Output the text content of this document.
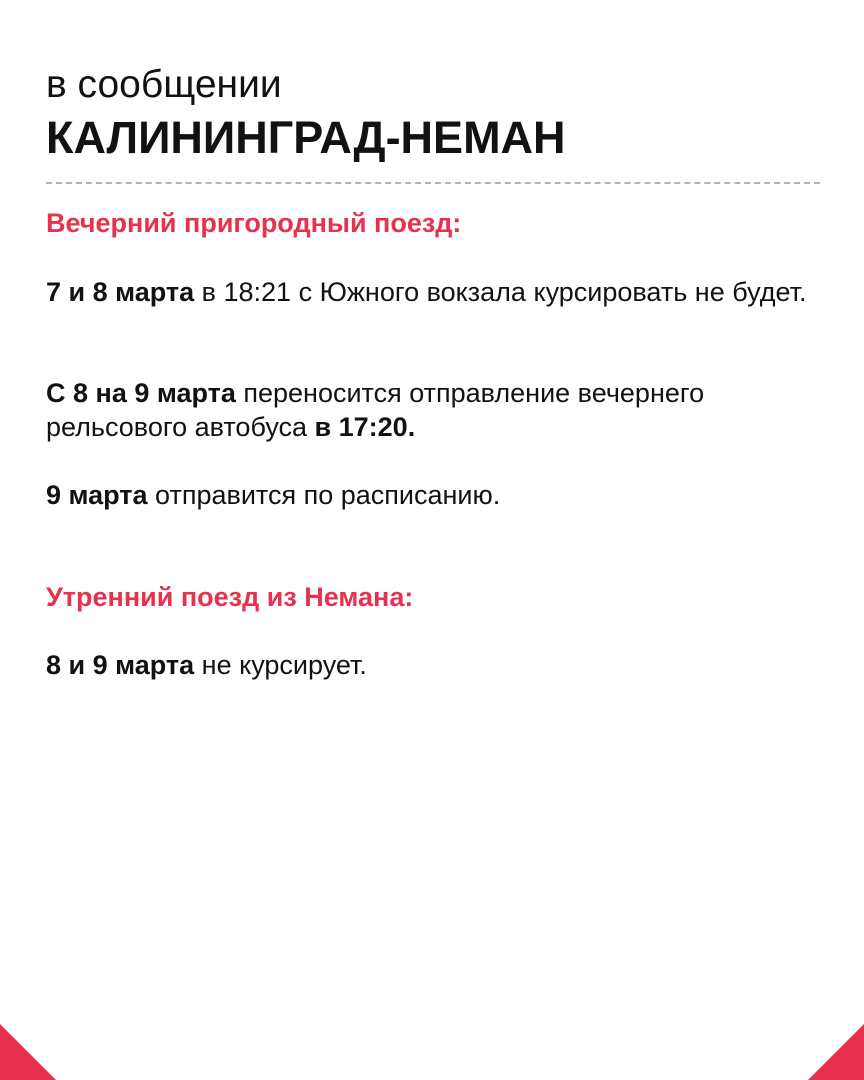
в сообщении
КАЛИНИНГРАД-НЕМАН
Вечерний пригородный поезд:
7 и 8 марта в 18:21 с Южного вокзала курсировать не будет.
С 8 на 9 марта переносится отправление вечернего рельсового автобуса в 17:20.
9 марта отправится по расписанию.
Утренний поезд из Немана:
8 и 9 марта не курсирует.
